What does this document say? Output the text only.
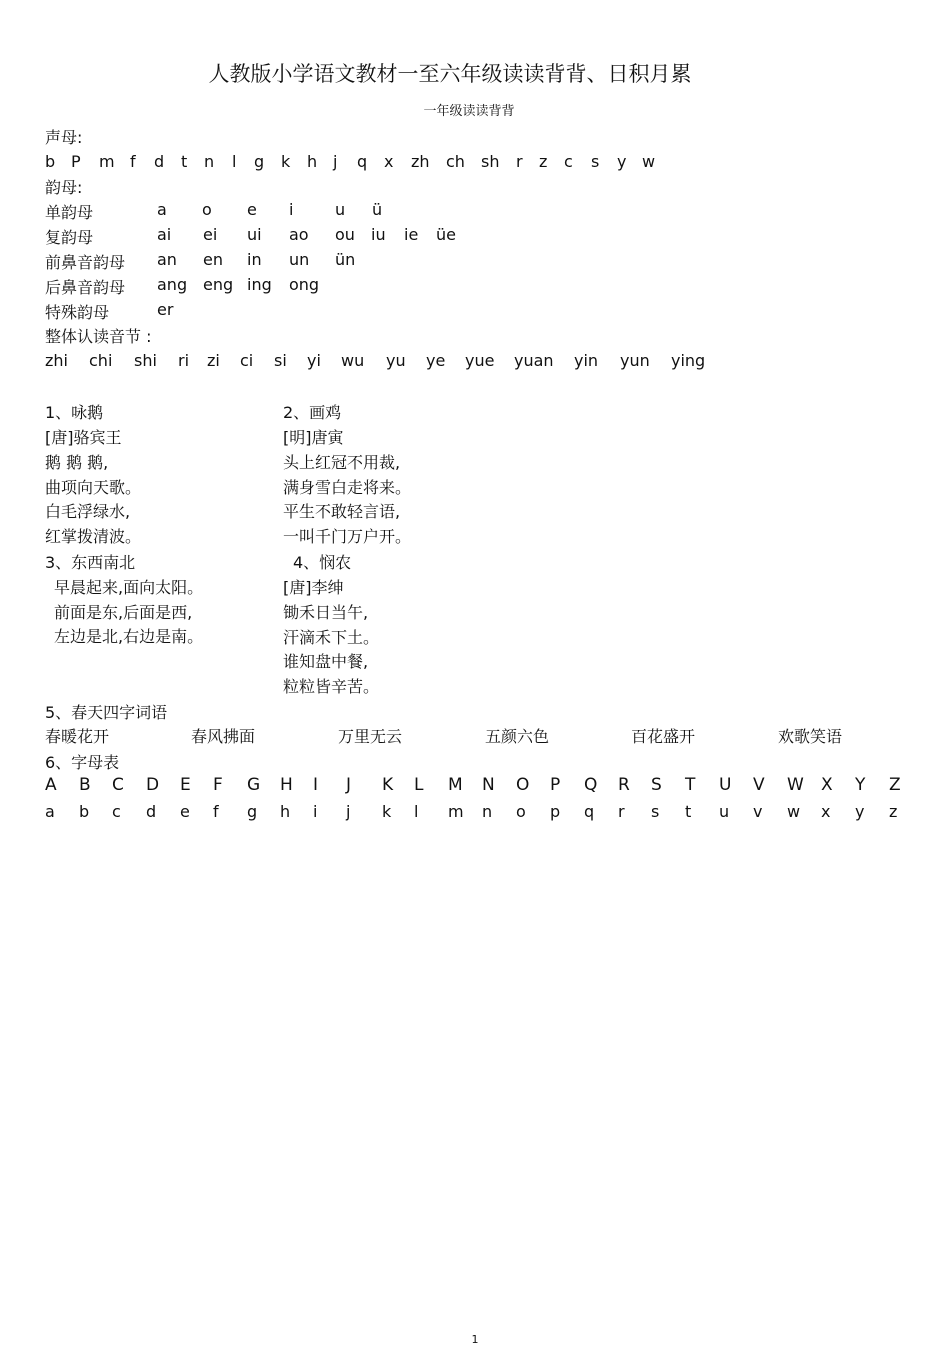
人教版小学语文教材一至六年级读读背背、日积月累
一年级读读背背
声母:
韵母:
整体认读音节 :
5、春天四字词语
6、字母表
1
b P m f d t n l g k h j q x zh ch sh r z c s y w
单韵母	a o e i	u ü
复韵母	ai ei ui ao ou iu ie üe
前鼻音韵母 an en in un ün
后鼻音韵母 ang eng ing ong
特殊韵母	er
zhi chi shi ri zi ci si yi wu yu ye yue yuan yin yun ying
1、咏鹅
[唐]骆宾王
鹅 鹅 鹅,
曲项向天歌。
白毛浮绿水,
红掌拨清波。
2、画鸡
[明]唐寅
头上红冠不用裁,
满身雪白走将来。
平生不敢轻言语,
一叫千门万户开。
3、东西南北
早晨起来,面向太阳。
前面是东,后面是西,
左边是北,右边是南。
4、悯农
[唐]李绅
锄禾日当午,
汗滴禾下土。
谁知盘中餐,
粒粒皆辛苦。
春暖花开	春风拂面	万里无云	五颜六色	百花盛开	欢歌笑语
A B C D E F G H I J K L M N O P Q R S T U V W X Y Z
a b c d e f g h i j k l m n o p q r s t u v w x y z
